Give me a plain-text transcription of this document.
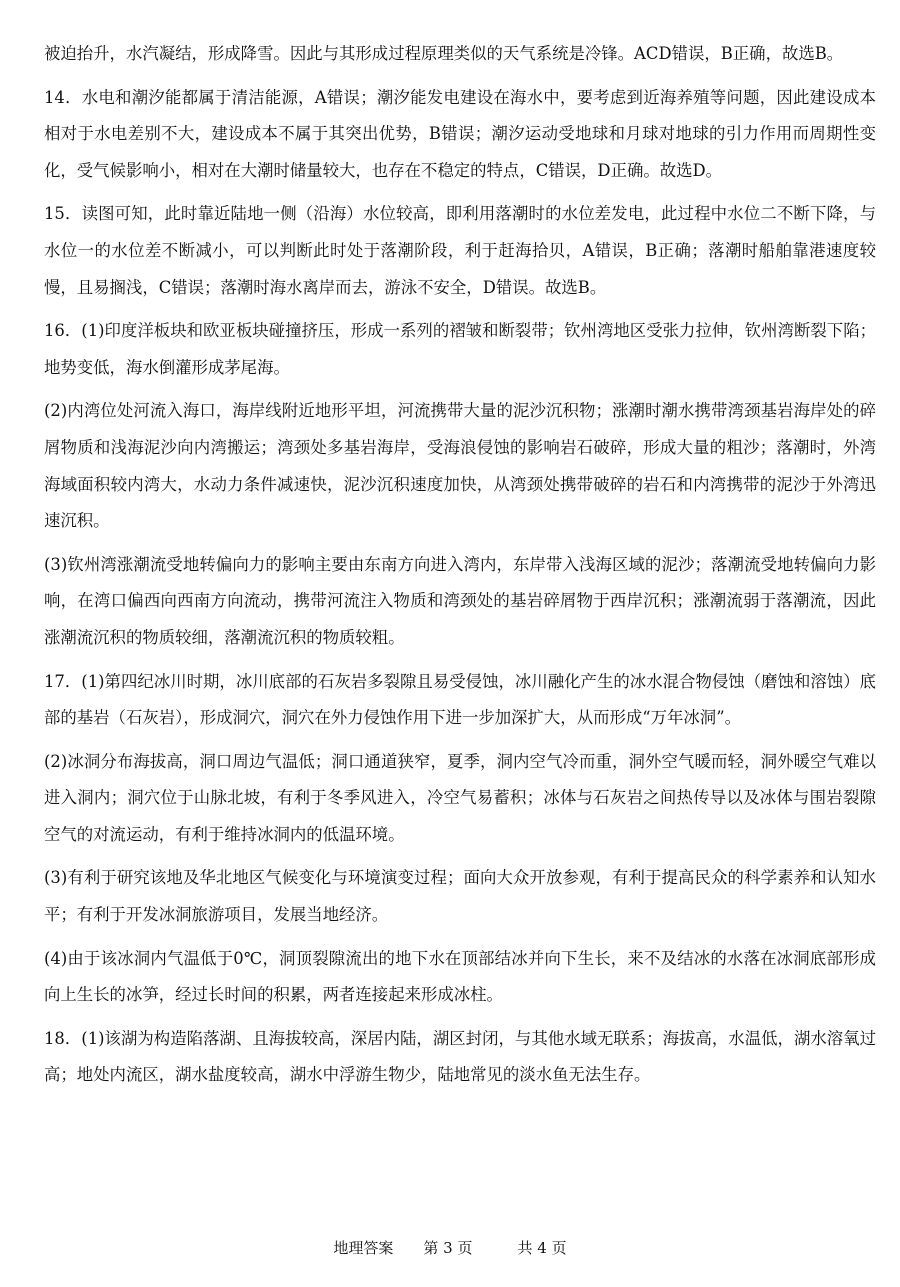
被迫抬升，水汽凝结，形成降雪。因此与其形成过程原理类似的天气系统是冷锋。ACD错误，B正确，故选B。

14．水电和潮汐能都属于清洁能源，A错误；潮汐能发电建设在海水中，要考虑到近海养殖等问题，因此建设成本相对于水电差别不大，建设成本不属于其突出优势，B错误；潮汐运动受地球和月球对地球的引力作用而周期性变化，受气候影响小，相对在大潮时储量较大，也存在不稳定的特点，C错误，D正确。故选D。

15．读图可知，此时靠近陆地一侧（沿海）水位较高，即利用落潮时的水位差发电，此过程中水位二不断下降，与水位一的水位差不断减小，可以判断此时处于落潮阶段，利于赶海拾贝，A错误，B正确；落潮时船舶靠港速度较慢，且易搁浅，C错误；落潮时海水离岸而去，游泳不安全，D错误。故选B。

16．(1)印度洋板块和欧亚板块碰撞挤压，形成一系列的褶皱和断裂带；钦州湾地区受张力拉伸，钦州湾断裂下陷；地势变低，海水倒灌形成茅尾海。

(2)内湾位处河流入海口，海岸线附近地形平坦，河流携带大量的泥沙沉积物；涨潮时潮水携带湾颈基岩海岸处的碎屑物质和浅海泥沙向内湾搬运；湾颈处多基岩海岸，受海浪侵蚀的影响岩石破碎，形成大量的粗沙；落潮时，外湾海域面积较内湾大，水动力条件减速快，泥沙沉积速度加快，从湾颈处携带破碎的岩石和内湾携带的泥沙于外湾迅速沉积。

(3)钦州湾涨潮流受地转偏向力的影响主要由东南方向进入湾内，东岸带入浅海区域的泥沙；落潮流受地转偏向力影响，在湾口偏西向西南方向流动，携带河流注入物质和湾颈处的基岩碎屑物于西岸沉积；涨潮流弱于落潮流，因此涨潮流沉积的物质较细，落潮流沉积的物质较粗。

17．(1)第四纪冰川时期，冰川底部的石灰岩多裂隙且易受侵蚀，冰川融化产生的冰水混合物侵蚀（磨蚀和溶蚀）底部的基岩（石灰岩），形成洞穴，洞穴在外力侵蚀作用下进一步加深扩大，从而形成“万年冰洞”。

(2)冰洞分布海拔高，洞口周边气温低；洞口通道狭窄，夏季，洞内空气冷而重，洞外空气暖而轻，洞外暖空气难以进入洞内；洞穴位于山脉北坡，有利于冬季风进入，冷空气易蓄积；冰体与石灰岩之间热传导以及冰体与围岩裂隙空气的对流运动，有利于维持冰洞内的低温环境。

(3)有利于研究该地及华北地区气候变化与环境演变过程；面向大众开放参观，有利于提高民众的科学素养和认知水平；有利于开发冰洞旅游项目，发展当地经济。

(4)由于该冰洞内气温低于0℃，洞顶裂隙流出的地下水在顶部结冰并向下生长，来不及结冰的水落在冰洞底部形成向上生长的冰笋，经过长时间的积累，两者连接起来形成冰柱。

18．(1)该湖为构造陷落湖、且海拔较高，深居内陆，湖区封闭，与其他水域无联系；海拔高，水温低，湖水溶氧过高；地处内流区，湖水盐度较高，湖水中浮游生物少，陆地常见的淡水鱼无法生存。

地理答案　　第 3 页　　　共 4 页
